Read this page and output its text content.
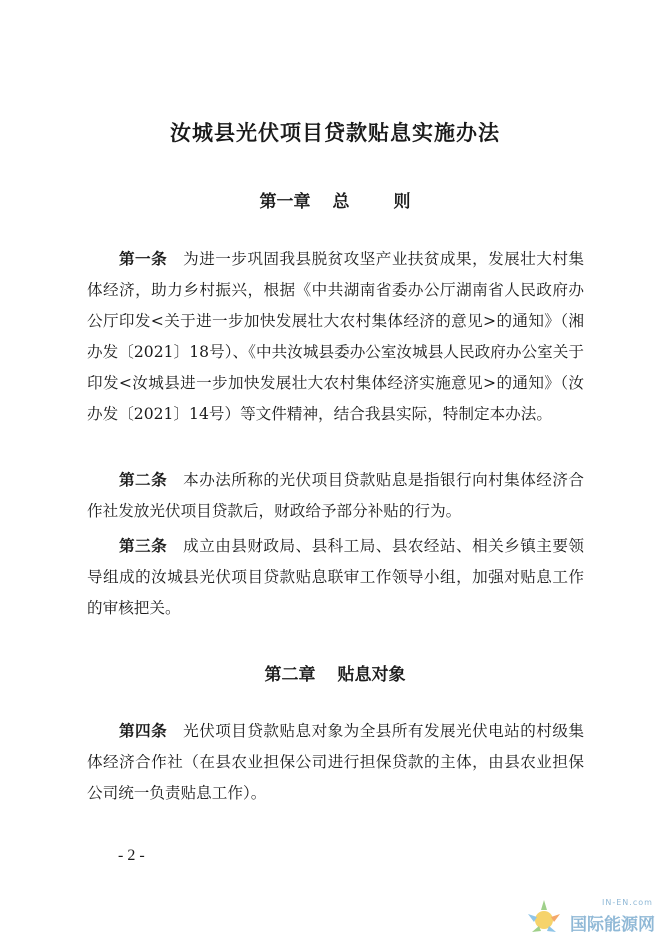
汝城县光伏项目贷款贴息实施办法
第一章 总	则

第一条 为进一步巩固我县脱贫攻坚产业扶贫成果，发展壮大村集体经济，助力乡村振兴，根据《中共湖南省委办公厅湖南省人民政府办公厅印发<关于进一步加快发展壮大农村集体经济的意见>的通知》（湘办发〔2021〕18号）、《中共汝城县委办公室汝城县人民政府办公室关于印发<汝城县进一步加快发展壮大农村集体经济实施意见>的通知》（汝办发〔2021〕14号）等文件精神，结合我县实际，特制定本办法。

第二条 本办法所称的光伏项目贷款贴息是指银行向村集体经济合作社发放光伏项目贷款后，财政给予部分补贴的行为。

第三条 成立由县财政局、县科工局、县农经站、相关乡镇主要领导组成的汝城县光伏项目贷款贴息联审工作领导小组，加强对贴息工作的审核把关。

第二章 贴息对象

第四条 光伏项目贷款贴息对象为全县所有发展光伏电站的村级集体经济合作社（在县农业担保公司进行担保贷款的主体，由县农业担保公司统一负责贴息工作）。

- 2 -
IN-EN.com
国际能源网
